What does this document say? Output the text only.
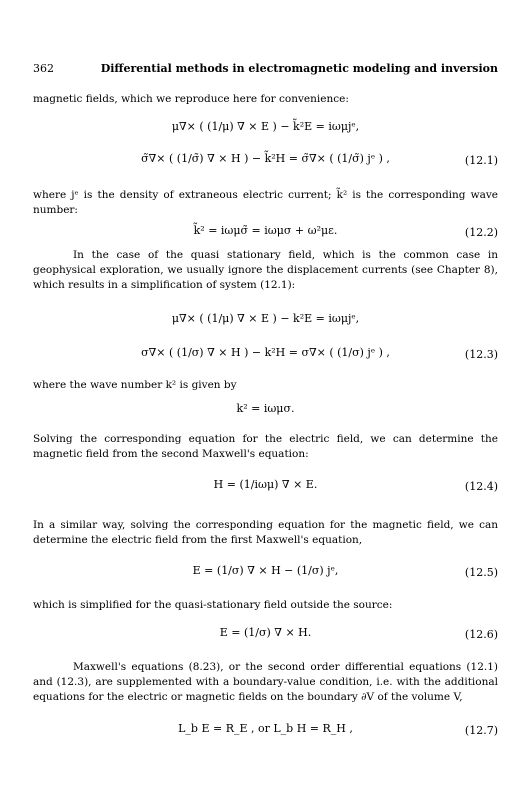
362	Differential methods in electromagnetic modeling and inversion
magnetic fields, which we reproduce here for convenience:
μ∇× ( (1/μ) ∇ × E ) − k̃²E = iωμjᵉ,
σ̃∇× ( (1/σ̃) ∇ × H ) − k̃²H = σ̃∇× ( (1/σ̃) jᵉ ) ,	(12.1)
where jᵉ is the density of extraneous electric current; k̃² is the corresponding wave number:
k̃² = iωμσ̃ = iωμσ + ω²με.	(12.2)
In the case of the quasi stationary field, which is the common case in geophysical exploration, we usually ignore the displacement currents (see Chapter 8), which results in a simplification of system (12.1):
μ∇× ( (1/μ) ∇ × E ) − k²E = iωμjᵉ,
σ∇× ( (1/σ) ∇ × H ) − k²H = σ∇× ( (1/σ) jᵉ ) ,	(12.3)
where the wave number k² is given by
k² = iωμσ.
Solving the corresponding equation for the electric field, we can determine the magnetic field from the second Maxwell's equation:
H = (1/iωμ) ∇ × E.	(12.4)
In a similar way, solving the corresponding equation for the magnetic field, we can determine the electric field from the first Maxwell's equation,
E = (1/σ) ∇ × H − (1/σ) jᵉ,	(12.5)
which is simplified for the quasi-stationary field outside the source:
E = (1/σ) ∇ × H.	(12.6)
Maxwell's equations (8.23), or the second order differential equations (12.1) and (12.3), are supplemented with a boundary-value condition, i.e. with the additional equations for the electric or magnetic fields on the boundary ∂V of the volume V,
L_b E = R_E , or L_b H = R_H ,	(12.7)
